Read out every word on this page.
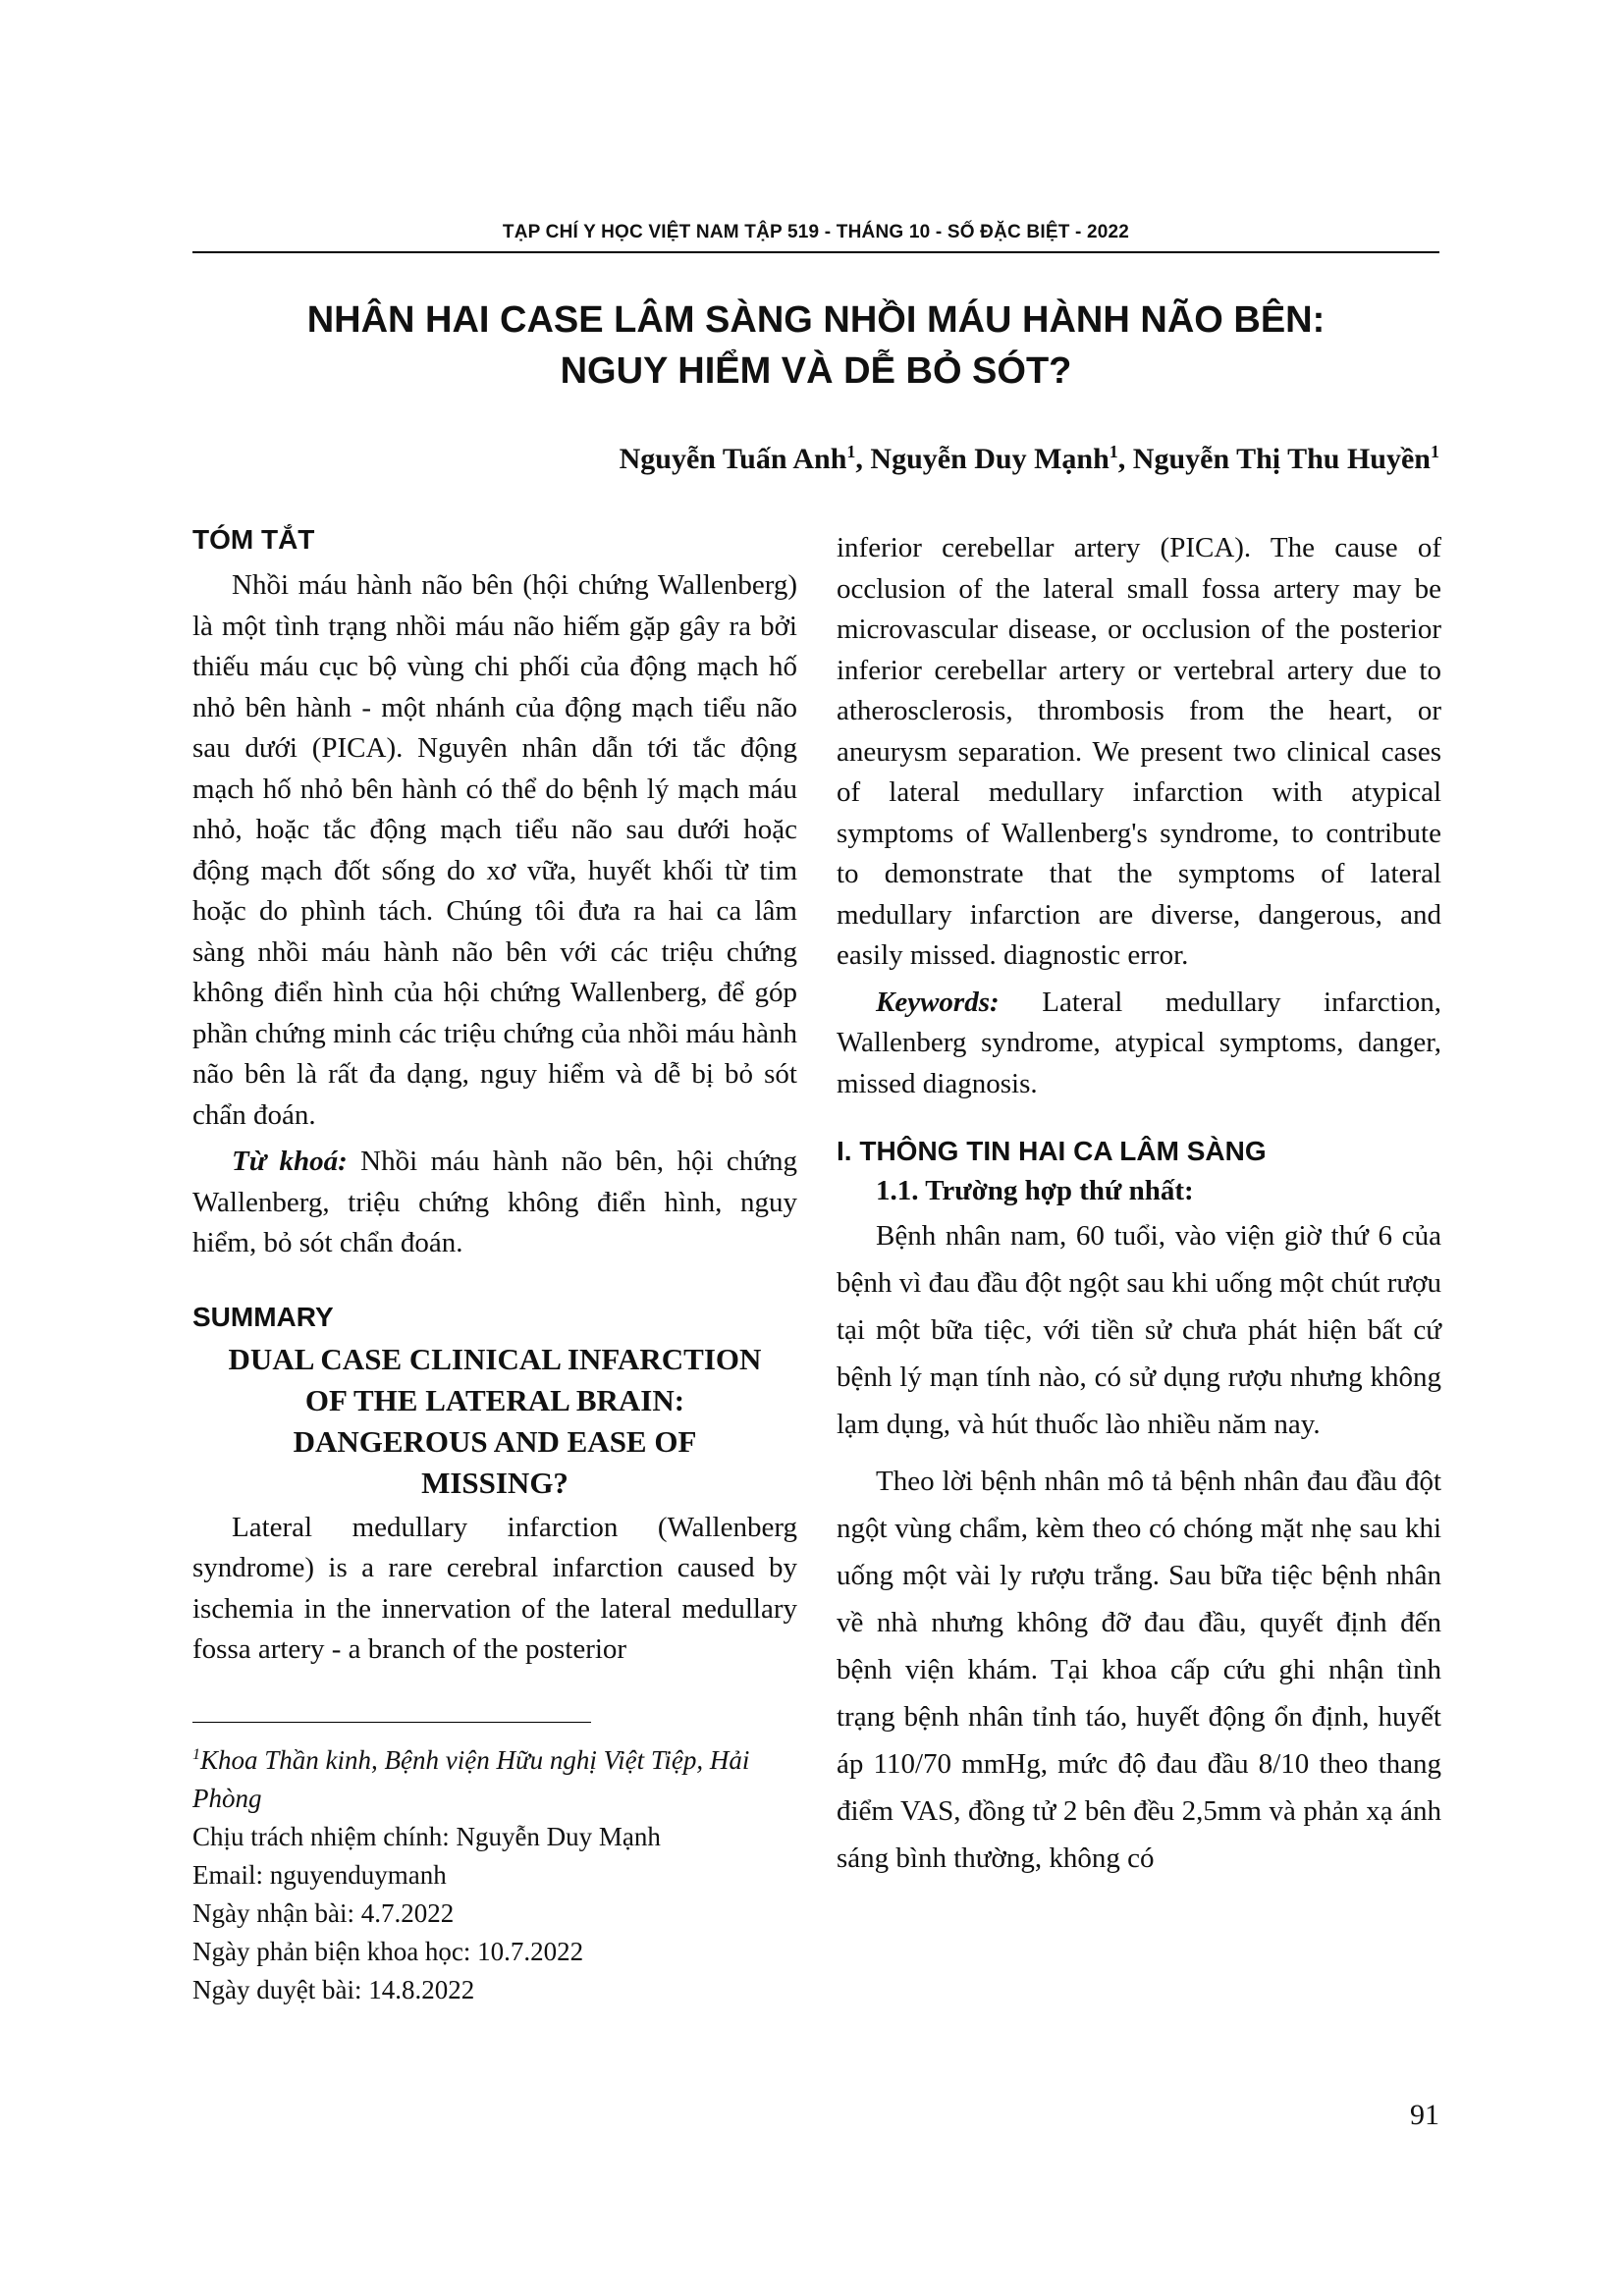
TẠP CHÍ Y HỌC VIỆT NAM TẬP 519 - THÁNG 10 - SỐ ĐẶC BIỆT - 2022
NHÂN HAI CASE LÂM SÀNG NHỒI MÁU HÀNH NÃO BÊN:
NGUY HIỂM VÀ DỄ BỎ SÓT?
Nguyễn Tuấn Anh$^1$, Nguyễn Duy Mạnh$^1$, Nguyễn Thị Thu Huyền$^1$
TÓM TẮT

Nhồi máu hành não bên (hội chứng Wallenberg) là một tình trạng nhồi máu não hiếm gặp gây ra bởi thiếu máu cục bộ vùng chi phối của động mạch hố nhỏ bên hành - một nhánh của động mạch tiểu não sau dưới (PICA). Nguyên nhân dẫn tới tắc động mạch hố nhỏ bên hành có thể do bệnh lý mạch máu nhỏ, hoặc tắc động mạch tiểu não sau dưới hoặc động mạch đốt sống do xơ vữa, huyết khối từ tim hoặc do phình tách. Chúng tôi đưa ra hai ca lâm sàng nhồi máu hành não bên với các triệu chứng không điển hình của hội chứng Wallenberg, để góp phần chứng minh các triệu chứng của nhồi máu hành não bên là rất đa dạng, nguy hiểm và dễ bị bỏ sót chẩn đoán.

Từ khoá: Nhồi máu hành não bên, hội chứng Wallenberg, triệu chứng không điển hình, nguy hiểm, bỏ sót chẩn đoán.

SUMMARY

DUAL CASE CLINICAL INFARCTION

OF THE LATERAL BRAIN:

DANGEROUS AND EASE OF

MISSING?

Lateral medullary infarction (Wallenberg syndrome) is a rare cerebral infarction caused by ischemia in the innervation of the lateral medullary fossa artery - a branch of the posterior

inferior cerebellar artery (PICA). The cause of occlusion of the lateral small fossa artery may be microvascular disease, or occlusion of the posterior inferior cerebellar artery or vertebral artery due to atherosclerosis, thrombosis from the heart, or aneurysm separation. We present two clinical cases of lateral medullary infarction with atypical symptoms of Wallenberg's syndrome, to contribute to demonstrate that the symptoms of lateral medullary infarction are diverse, dangerous, and easily missed. diagnostic error.

Keywords: Lateral medullary infarction, Wallenberg syndrome, atypical symptoms, danger, missed diagnosis.

I. THÔNG TIN HAI CA LÂM SÀNG
1.1. Trường hợp thứ nhất:

Bệnh nhân nam, 60 tuổi, vào viện giờ thứ 6 của bệnh vì đau đầu đột ngột sau khi uống một chút rượu tại một bữa tiệc, với tiền sử chưa phát hiện bất cứ bệnh lý mạn tính nào, có sử dụng rượu nhưng không lạm dụng, và hút thuốc lào nhiều năm nay.

Theo lời bệnh nhân mô tả bệnh nhân đau đầu đột ngột vùng chẩm, kèm theo có chóng mặt nhẹ sau khi uống một vài ly rượu trắng. Sau bữa tiệc bệnh nhân về nhà nhưng không đỡ đau đầu, quyết định đến bệnh viện khám. Tại khoa cấp cứu ghi nhận tình trạng bệnh nhân tỉnh táo, huyết động ổn định, huyết áp 110/70 mmHg, mức độ đau đầu 8/10 theo thang điểm VAS, đồng tử 2 bên đều 2,5mm và phản xạ ánh sáng bình thường, không có

$^1$Khoa Thần kinh, Bệnh viện Hữu nghị Việt Tiệp, Hải Phòng
Chịu trách nhiệm chính: Nguyễn Duy Mạnh
Email: nguyenduymanh
Ngày nhận bài: 4.7.2022
Ngày phản biện khoa học: 10.7.2022
Ngày duyệt bài: 14.8.2022
91
